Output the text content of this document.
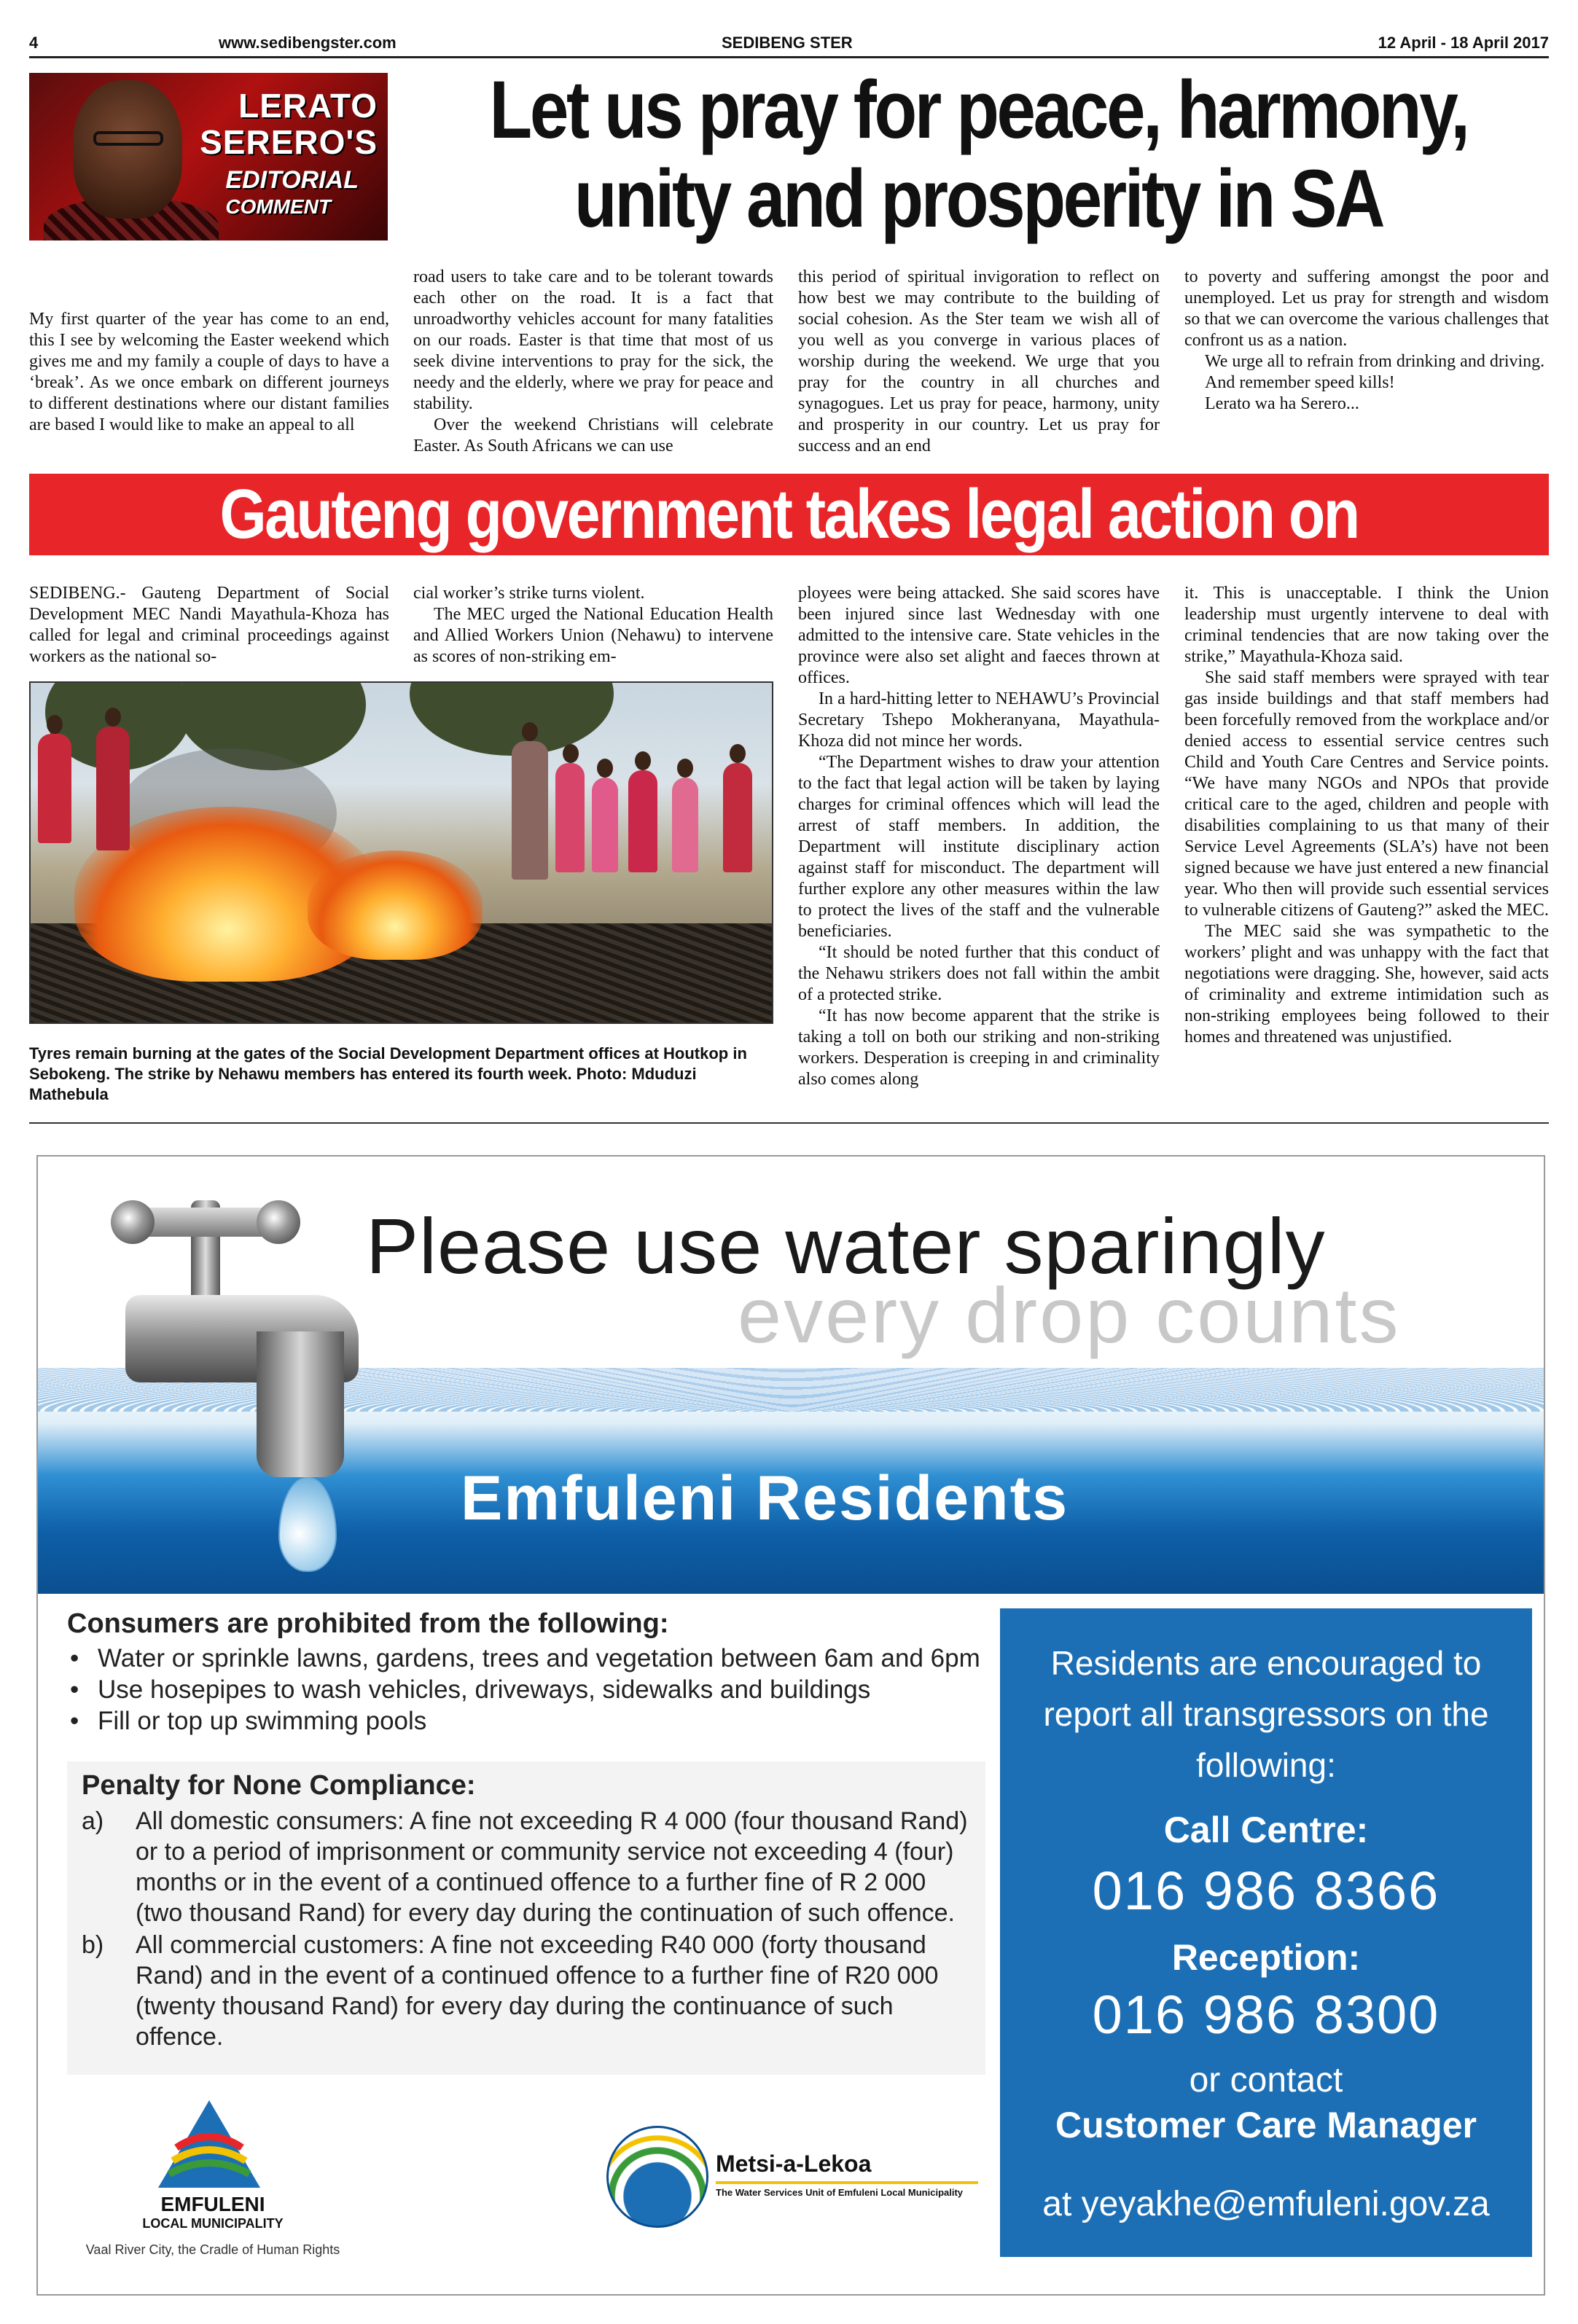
4	www.sedibengster.com	SEDIBENG STER	12 April - 18 April 2017
LERATO
SERERO'S
EDITORIAL
COMMENT
Let us pray for peace, harmony,
unity and prosperity in SA

My first quarter of the year has come to an end, this I see by welcoming the Easter weekend which gives me and my family a couple of days to have a ‘break’. As we once embark on different journeys to different destinations where our distant families are based I would like to make an appeal to all

road users to take care and to be tolerant towards each other on the road. It is a fact that unroadworthy vehicles account for many fatalities on our roads. Easter is that time that most of us seek divine interventions to pray for the sick, the needy and the elderly, where we pray for peace and stability.

Over the weekend Christians will celebrate Easter. As South Africans we can use

this period of spiritual invigoration to reflect on how best we may contribute to the building of social cohesion. As the Ster team we wish all of you well as you converge in various places of worship during the weekend. We urge that you pray for the country in all churches and synagogues. Let us pray for peace, harmony, unity and prosperity in our country. Let us pray for success and an end

to poverty and suffering amongst the poor and unemployed. Let us pray for strength and wisdom so that we can overcome the various challenges that confront us as a nation.

We urge all to refrain from drinking and driving.

And remember speed kills!

Lerato wa ha Serero...

Gauteng government takes legal action on strikers

SEDIBENG.- Gauteng Department of Social Development MEC Nandi Mayathula-Khoza has called for legal and criminal proceedings against workers as the national so-

cial worker’s strike turns violent.

The MEC urged the National Education Health and Allied Workers Union (Nehawu) to intervene as scores of non-striking em-

Tyres remain burning at the gates of the Social Development Department offices at Houtkop in Sebokeng. The strike by Nehawu members has entered its fourth week. Photo: Mduduzi Mathebula

ployees were being attacked. She said scores have been injured since last Wednesday with one admitted to the intensive care. State vehicles in the province were also set alight and faeces thrown at offices.

In a hard-hitting letter to NEHAWU’s Provincial Secretary Tshepo Mokheranyana, Mayathula-Khoza did not mince her words.

“The Department wishes to draw your attention to the fact that legal action will be taken by laying charges for criminal offences which will lead the arrest of staff members. In addition, the Department will institute disciplinary action against staff for misconduct. The department will further explore any other measures within the law to protect the lives of the staff and the vulnerable beneficiaries.

“It should be noted further that this conduct of the Nehawu strikers does not fall within the ambit of a protected strike.

“It has now become apparent that the strike is taking a toll on both our striking and non-striking workers. Desperation is creeping in and criminality also comes along

it. This is unacceptable. I think the Union leadership must urgently intervene to deal with criminal tendencies that are now taking over the strike,” Mayathula-Khoza said.

She said staff members were sprayed with tear gas inside buildings and that staff members had been forcefully removed from the workplace and/or denied access to essential service centres such Child and Youth Care Centres and Service points. “We have many NGOs and NPOs that provide critical care to the aged, children and people with disabilities complaining to us that many of their Service Level Agreements (SLA’s) have not been signed because we have just entered a new financial year. Who then will provide such essential services to vulnerable citizens of Gauteng?” asked the MEC.

The MEC said she was sympathetic to the workers’ plight and was unhappy with the fact that negotiations were dragging. She, however, said acts of criminality and extreme intimidation such as non-striking employees being followed to their homes and threatened was unjustified.

every drop counts
Please use water sparingly
Emfuleni Residents
Consumers are prohibited from the following:
• Water or sprinkle lawns, gardens, trees and vegetation between 6am and 6pm
• Use hosepipes to wash vehicles, driveways, sidewalks and buildings
• Fill or top up swimming pools
Penalty for None Compliance:
a) All domestic consumers: A fine not exceeding R 4 000 (four thousand Rand) or to a period of imprisonment or community service not exceeding 4 (four) months or in the event of a continued offence to a further fine of R 2 000 (two thousand Rand) for every day during the continuation of such offence.
b) All commercial customers: A fine not exceeding R40 000 (forty thousand Rand) and in the event of a continued offence to a further fine of R20 000 (twenty thousand Rand) for every day during the continuance of such offence.
Residents are encouraged to report all transgressors on the following:
Call Centre:
016 986 8366
Reception:
016 986 8300
or contact
Customer Care Manager
at yeyakhe@emfuleni.gov.za
EMFULENI
LOCAL MUNICIPALITY
Vaal River City, the Cradle of Human Rights
Metsi-a-Lekoa
The Water Services Unit of Emfuleni Local Municipality
